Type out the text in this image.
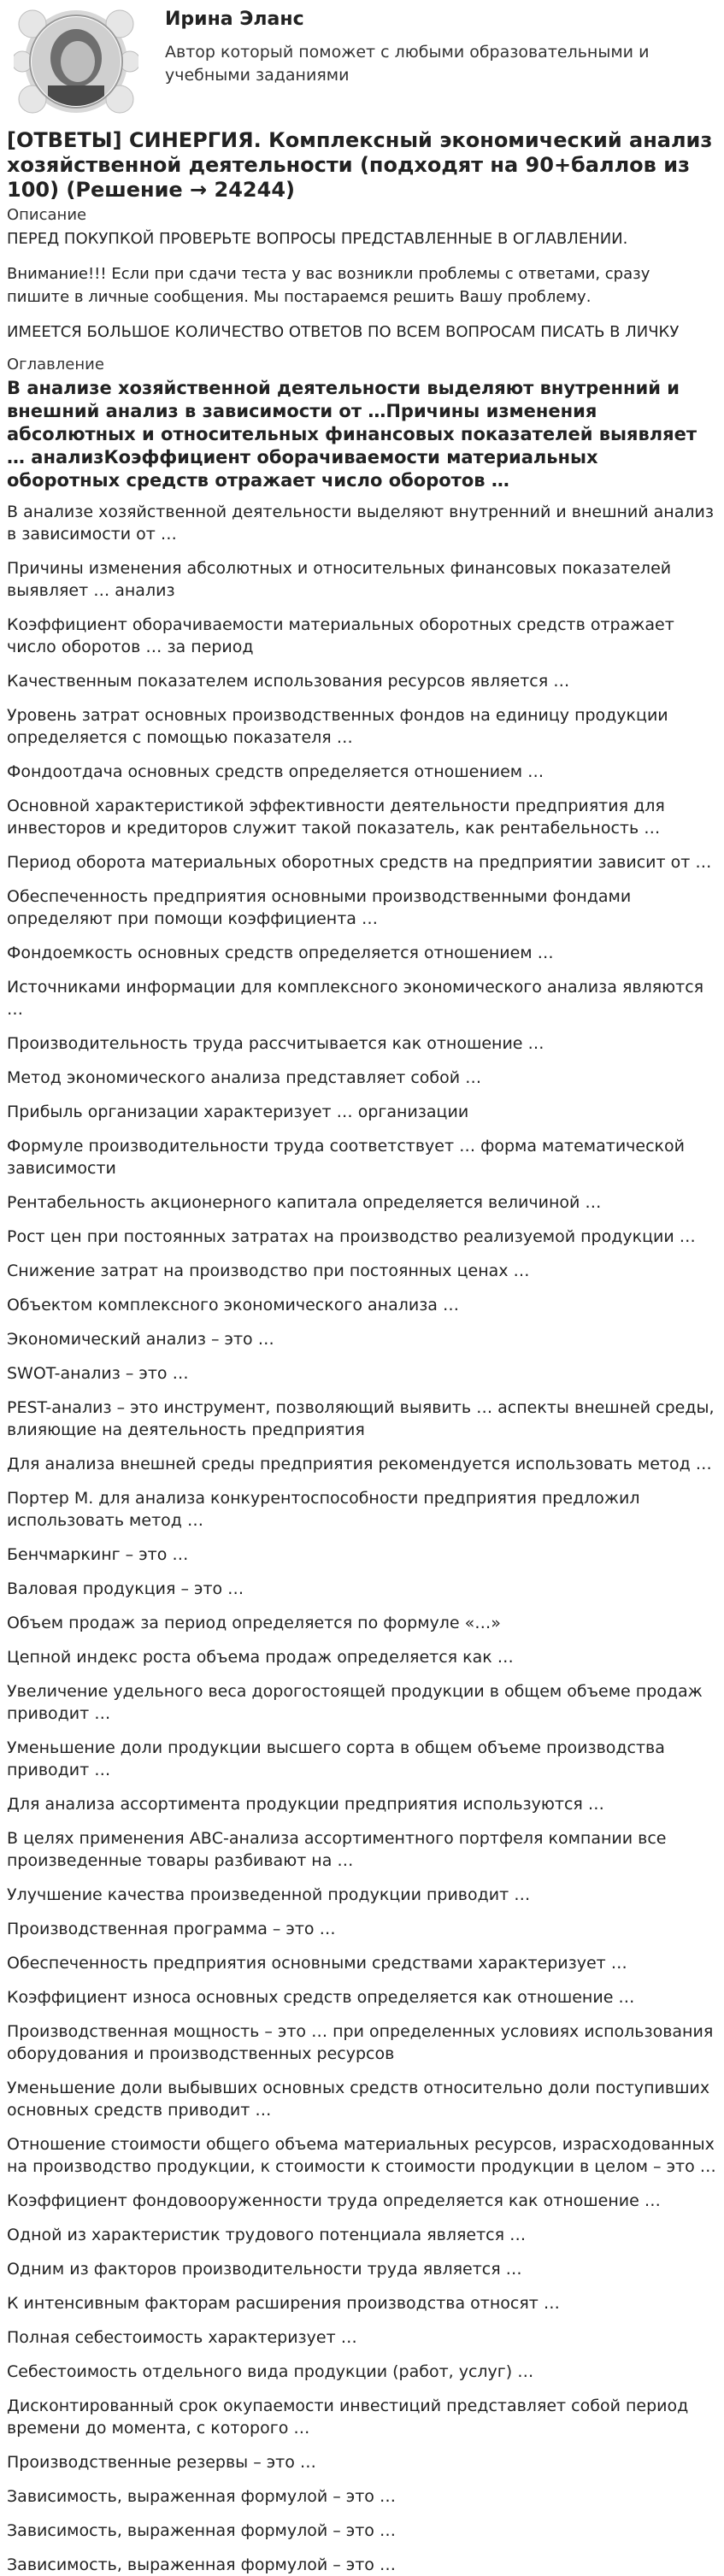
Ирина Эланс
Автор который поможет с любыми образовательными и учебными заданиями
[ОТВЕТЫ] СИНЕРГИЯ. Комплексный экономический анализ хозяйственной деятельности (подходят на 90+баллов из 100) (Решение → 24244)
Описание

ПЕРЕД ПОКУПКОЙ ПРОВЕРЬТЕ ВОПРОСЫ ПРЕДСТАВЛЕННЫЕ В ОГЛАВЛЕНИИ.

Внимание!!! Если при сдачи теста у вас возникли проблемы с ответами, сразу пишите в личные сообщения. Мы постараемся решить Вашу проблему.

ИМЕЕТСЯ БОЛЬШОЕ КОЛИЧЕСТВО ОТВЕТОВ ПО ВСЕМ ВОПРОСАМ ПИСАТЬ В ЛИЧКУ

Оглавление
В анализе хозяйственной деятельности выделяют внутренний и внешний анализ в зависимости от …Причины изменения абсолютных и относительных финансовых показателей выявляет … анализКоэффициент оборачиваемости материальных оборотных средств отражает число оборотов …
В анализе хозяйственной деятельности выделяют внутренний и внешний анализ в зависимости от …
Причины изменения абсолютных и относительных финансовых показателей выявляет … анализ
Коэффициент оборачиваемости материальных оборотных средств отражает число оборотов … за период
Качественным показателем использования ресурсов является …
Уровень затрат основных производственных фондов на единицу продукции определяется с помощью показателя …
Фондоотдача основных средств определяется отношением …
Основной характеристикой эффективности деятельности предприятия для инвесторов и кредиторов служит такой показатель, как рентабельность …
Период оборота материальных оборотных средств на предприятии зависит от …
Обеспеченность предприятия основными производственными фондами определяют при помощи коэффициента …
Фондоемкость основных средств определяется отношением …
Источниками информации для комплексного экономического анализа являются …
Производительность труда рассчитывается как отношение …
Метод экономического анализа представляет собой …
Прибыль организации характеризует … организации
Формуле производительности труда соответствует … форма математической зависимости
Рентабельность акционерного капитала определяется величиной …
Рост цен при постоянных затратах на производство реализуемой продукции …
Снижение затрат на производство при постоянных ценах …
Объектом комплексного экономического анализа …
Экономический анализ – это …
SWOT-анализ – это …
PEST-анализ – это инструмент, позволяющий выявить … аспекты внешней среды, влияющие на деятельность предприятия
Для анализа внешней среды предприятия рекомендуется использовать метод …
Портер М. для анализа конкурентоспособности предприятия предложил использовать метод …
Бенчмаркинг – это …
Валовая продукция – это …
Объем продаж за период определяется по формуле «…»
Цепной индекс роста объема продаж определяется как …
Увеличение удельного веса дорогостоящей продукции в общем объеме продаж приводит …
Уменьшение доли продукции высшего сорта в общем объеме производства приводит …
Для анализа ассортимента продукции предприятия используются …
В целях применения АВС-анализа ассортиментного портфеля компании все произведенные товары разбивают на …
Улучшение качества произведенной продукции приводит …
Производственная программа – это …
Обеспеченность предприятия основными средствами характеризует …
Коэффициент износа основных средств определяется как отношение …
Производственная мощность – это … при определенных условиях использования оборудования и производственных ресурсов
Уменьшение доли выбывших основных средств относительно доли поступивших основных средств приводит …
Отношение стоимости общего объема материальных ресурсов, израсходованных на производство продукции, к стоимости к стоимости продукции в целом – это …
Коэффициент фондовооруженности труда определяется как отношение …
Одной из характеристик трудового потенциала является …
Одним из факторов производительности труда является …
К интенсивным факторам расширения производства относят …
Полная себестоимость характеризует …
Себестоимость отдельного вида продукции (работ, услуг) …
Дисконтированный срок окупаемости инвестиций представляет собой период времени до момента, с которого …
Производственные резервы – это …
Зависимость, выраженная формулой – это …
Зависимость, выраженная формулой – это …
Зависимость, выраженная формулой – это …
